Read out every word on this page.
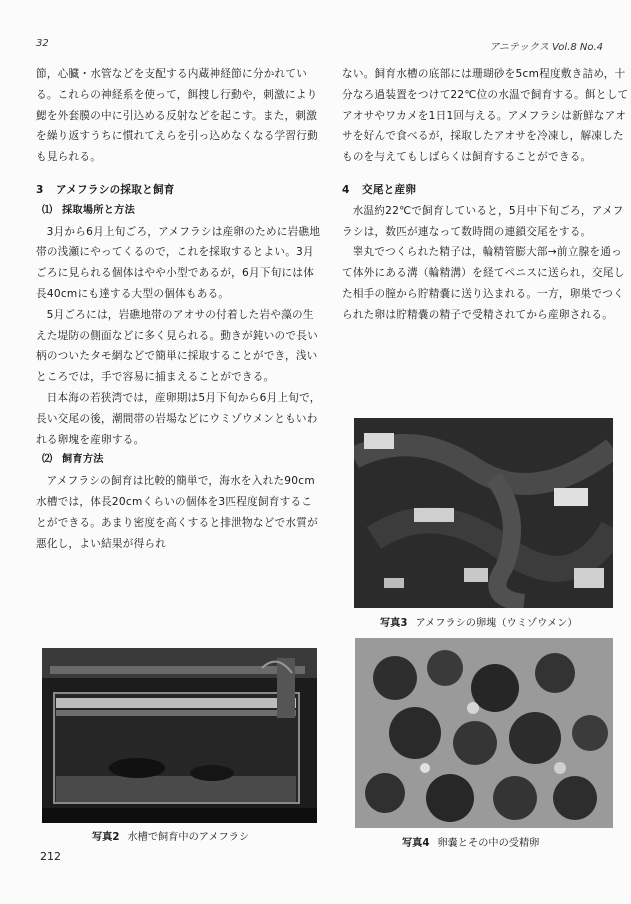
32	アニテックス Vol.8 No.4

節，心臓・水管などを支配する内蔵神経節に分かれている。これらの神経系を使って，餌捜し行動や，刺激により鰓を外套膜の中に引込める反射などを起こす。また，刺激を繰り返すうちに慣れてえらを引っ込めなくなる学習行動も見られる。

3 アメフラシの採取と飼育
⑴ 採取場所と方法

3月から6月上旬ごろ，アメフラシは産卵のために岩礁地帯の浅瀬にやってくるので，これを採取するとよい。3月ごろに見られる個体はやや小型であるが，6月下旬には体長40cmにも達する大型の個体もある。

5月ごろには，岩礁地帯のアオサの付着した岩や藻の生えた堤防の側面などに多く見られる。動きが鈍いので長い柄のついたタモ網などで簡単に採取することができ，浅いところでは，手で容易に捕まえることができる。

日本海の若狭湾では，産卵期は5月下旬から6月上旬で，長い交尾の後，潮間帯の岩場などにウミゾウメンともいわれる卵塊を産卵する。

⑵ 飼育方法

アメフラシの飼育は比較的簡単で，海水を入れた90cm水槽では，体長20cmくらいの個体を3匹程度飼育することができる。あまり密度を高くすると排泄物などで水質が悪化し，よい結果が得られ

ない。飼育水槽の底部には珊瑚砂を5cm程度敷き詰め，十分なろ過装置をつけて22℃位の水温で飼育する。餌としてアオサやワカメを1日1回与える。アメフラシは新鮮なアオサを好んで食べるが，採取したアオサを冷凍し，解凍したものを与えてもしばらくは飼育することができる。

4 交尾と産卵

水温約22℃で飼育していると，5月中下旬ごろ，アメフラシは，数匹が連なって数時間の連鎖交尾をする。

睾丸でつくられた精子は，輪精管膨大部→前立腺を通って体外にある溝（輪精溝）を経てペニスに送られ，交尾した相手の膣から貯精嚢に送り込まれる。一方，卵巣でつくられた卵は貯精嚢の精子で受精されてから産卵される。

写真2 水槽で飼育中のアメフラシ
写真3 アメフラシの卵塊（ウミゾウメン）
写真4 卵嚢とその中の受精卵
212
